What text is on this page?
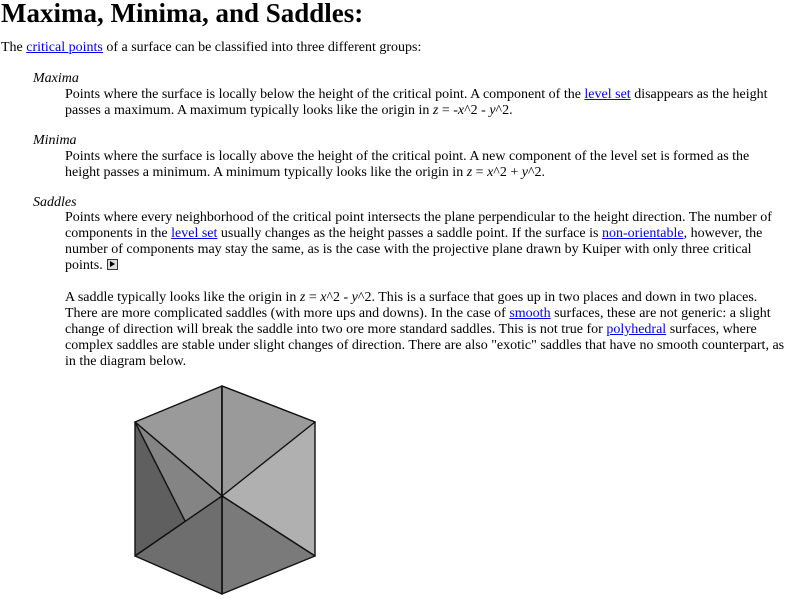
Maxima, Minima, and Saddles:
The critical points of a surface can be classified into three different groups:
Maxima

Points where the surface is locally below the height of the critical point. A component of the level set disappears as the height passes a maximum. A maximum typically looks like the origin in z = -x^2 - y^2.

Minima

Points where the surface is locally above the height of the critical point. A new component of the level set is formed as the height passes a minimum. A minimum typically looks like the origin in z = x^2 + y^2.

Saddles

Points where every neighborhood of the critical point intersects the plane perpendicular to the height direction. The number of components in the level set usually changes as the height passes a saddle point. If the surface is non-orientable, however, the number of components may stay the same, as is the case with the projective plane drawn by Kuiper with only three critical points.

A saddle typically looks like the origin in z = x^2 - y^2. This is a surface that goes up in two places and down in two places. There are more complicated saddles (with more ups and downs). In the case of smooth surfaces, these are not generic: a slight change of direction will break the saddle into two ore more standard saddles. This is not true for polyhedral surfaces, where complex saddles are stable under slight changes of direction. There are also "exotic" saddles that have no smooth counterpart, as in the diagram below.
